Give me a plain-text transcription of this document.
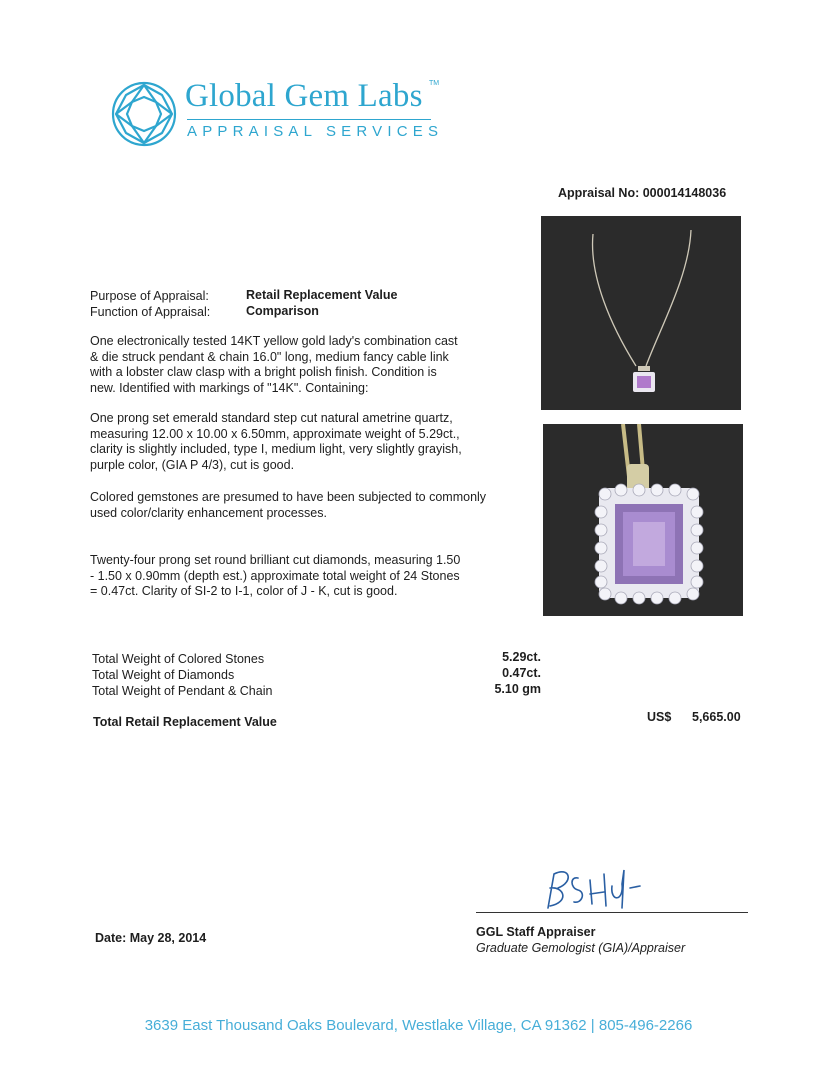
Global Gem Labs TM
APPRAISAL SERVICES
Appraisal No: 000014148036
Purpose of Appraisal:	Retail Replacement Value
Function of Appraisal:	Comparison
One electronically tested 14KT yellow gold lady's combination cast
& die struck pendant & chain 16.0" long, medium fancy cable link
with a lobster claw clasp with a bright polish finish. Condition is
new. Identified with markings of "14K". Containing:
One prong set emerald standard step cut natural ametrine quartz,
measuring 12.00 x 10.00 x 6.50mm, approximate weight of 5.29ct.,
clarity is slightly included, type I, medium light, very slightly grayish,
purple color, (GIA P 4/3), cut is good.
Colored gemstones are presumed to have been subjected to commonly
used color/clarity enhancement processes.
Twenty-four prong set round brilliant cut diamonds, measuring 1.50
- 1.50 x 0.90mm (depth est.) approximate total weight of 24 Stones
= 0.47ct. Clarity of SI-2 to I-1, color of J - K, cut is good.
Total Weight of Colored Stones	5.29ct.
Total Weight of Diamonds	0.47ct.
Total Weight of Pendant & Chain	5.10 gm
Total Retail Replacement Value	US$ 5,665.00
Date: May 28, 2014	GGL Staff Appraiser
Graduate Gemologist (GIA)/Appraiser
3639 East Thousand Oaks Boulevard, Westlake Village, CA 91362 | 805-496-2266
